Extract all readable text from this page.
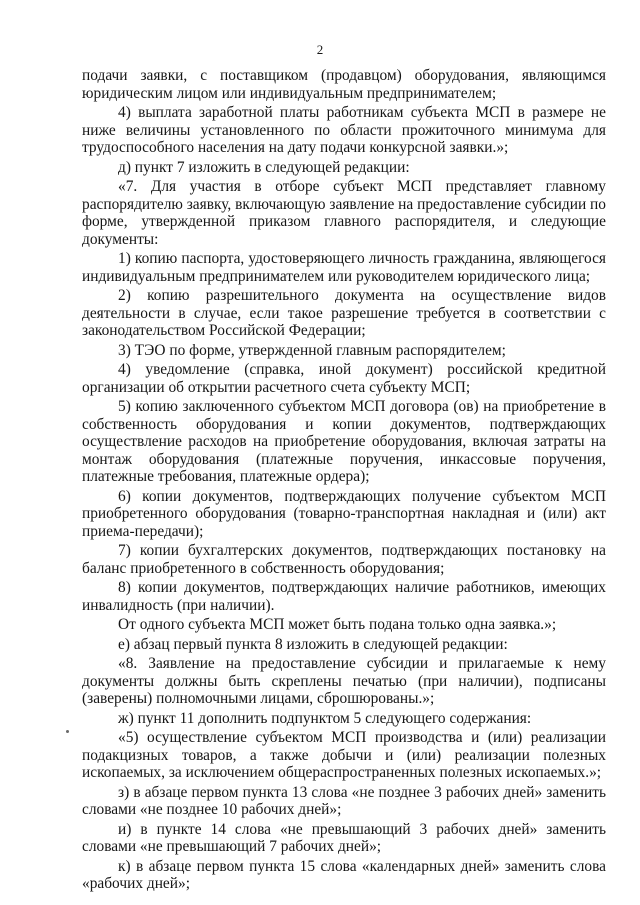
2

подачи заявки, с поставщиком (продавцом) оборудования, являющимся юридическим лицом или индивидуальным предпринимателем;

4) выплата заработной платы работникам субъекта МСП в размере не ниже величины установленного по области прожиточного минимума для трудоспособного населения на дату подачи конкурсной заявки.»;

д) пункт 7 изложить в следующей редакции:

«7. Для участия в отборе субъект МСП представляет главному распорядителю заявку, включающую заявление на предоставление субсидии по форме, утвержденной приказом главного распорядителя, и следующие документы:

1) копию паспорта, удостоверяющего личность гражданина, являющегося индивидуальным предпринимателем или руководителем юридического лица;

2) копию разрешительного документа на осуществление видов деятельности в случае, если такое разрешение требуется в соответствии с законодательством Российской Федерации;

3) ТЭО по форме, утвержденной главным распорядителем;

4) уведомление (справка, иной документ) российской кредитной организации об открытии расчетного счета субъекту МСП;

5) копию заключенного субъектом МСП договора (ов) на приобретение в собственность оборудования и копии документов, подтверждающих осуществление расходов на приобретение оборудования, включая затраты на монтаж оборудования (платежные поручения, инкассовые поручения, платежные требования, платежные ордера);

6) копии документов, подтверждающих получение субъектом МСП приобретенного оборудования (товарно-транспортная накладная и (или) акт приема-передачи);

7) копии бухгалтерских документов, подтверждающих постановку на баланс приобретенного в собственность оборудования;

8) копии документов, подтверждающих наличие работников, имеющих инвалидность (при наличии).

От одного субъекта МСП может быть подана только одна заявка.»;

е) абзац первый пункта 8 изложить в следующей редакции:

«8. Заявление на предоставление субсидии и прилагаемые к нему документы должны быть скреплены печатью (при наличии), подписаны (заверены) полномочными лицами, сброшюрованы.»;

ж) пункт 11 дополнить подпунктом 5 следующего содержания:

«5) осуществление субъектом МСП производства и (или) реализации подакцизных товаров, а также добычи и (или) реализации полезных ископаемых, за исключением общераспространенных полезных ископаемых.»;

з) в абзаце первом пункта 13 слова «не позднее 3 рабочих дней» заменить словами «не позднее 10 рабочих дней»;

и) в пункте 14 слова «не превышающий 3 рабочих дней» заменить словами «не превышающий 7 рабочих дней»;

к) в абзаце первом пункта 15 слова «календарных дней» заменить слова «рабочих дней»;
